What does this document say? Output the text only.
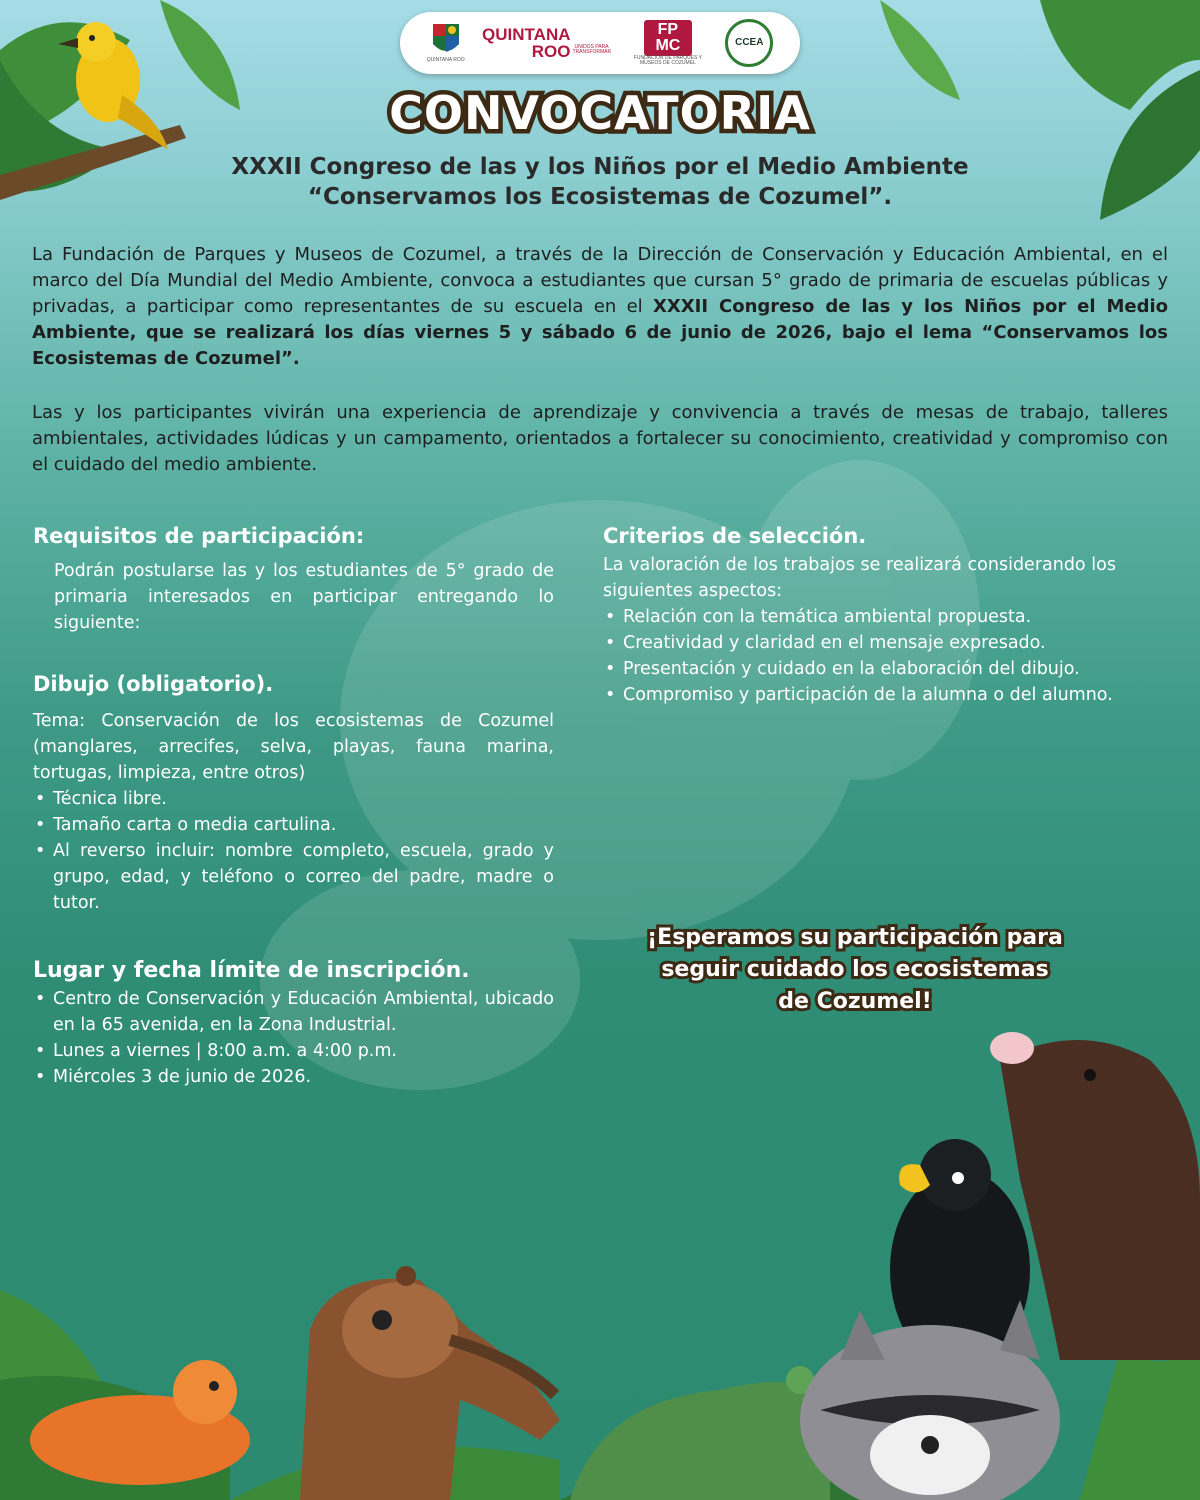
QUINTANA ROO
QUINTANA
ROO UNIDOS PARA TRANSFORMAR
FP MC
FUNDACIÓN DE PARQUES Y MUSEOS DE COZUMEL
CCEA
CONVOCATORIA
XXXII Congreso de las y los Niños por el Medio Ambiente
“Conservamos los Ecosistemas de Cozumel”.
La Fundación de Parques y Museos de Cozumel, a través de la Dirección de Conservación y Educación Ambiental, en el marco del Día Mundial del Medio Ambiente, convoca a estudiantes que cursan 5° grado de primaria de escuelas públicas y privadas, a participar como representantes de su escuela en el XXXII Congreso de las y los Niños por el Medio Ambiente, que se realizará los días viernes 5 y sábado 6 de junio de 2026, bajo el lema “Conservamos los Ecosistemas de Cozumel”.
Las y los participantes vivirán una experiencia de aprendizaje y convivencia a través de mesas de trabajo, talleres ambientales, actividades lúdicas y un campamento, orientados a fortalecer su conocimiento, creatividad y compromiso con el cuidado del medio ambiente.
Requisitos de participación:
Podrán postularse las y los estudiantes de 5° grado de primaria interesados en participar entregando lo siguiente:
Dibujo (obligatorio).
Tema: Conservación de los ecosistemas de Cozumel (manglares, arrecifes, selva, playas, fauna marina, tortugas, limpieza, entre otros)
• Técnica libre.
• Tamaño carta o media cartulina.
• Al reverso incluir: nombre completo, escuela, grado y grupo, edad, y teléfono o correo del padre, madre o tutor.
Lugar y fecha límite de inscripción.
• Centro de Conservación y Educación Ambiental, ubicado en la 65 avenida, en la Zona Industrial.
• Lunes a viernes | 8:00 a.m. a 4:00 p.m.
• Miércoles 3 de junio de 2026.
Criterios de selección.
La valoración de los trabajos se realizará considerando los siguientes aspectos:
• Relación con la temática ambiental propuesta.
• Creatividad y claridad en el mensaje expresado.
• Presentación y cuidado en la elaboración del dibujo.
• Compromiso y participación de la alumna o del alumno.
¡Esperamos su participación para
seguir cuidado los ecosistemas
de Cozumel!
